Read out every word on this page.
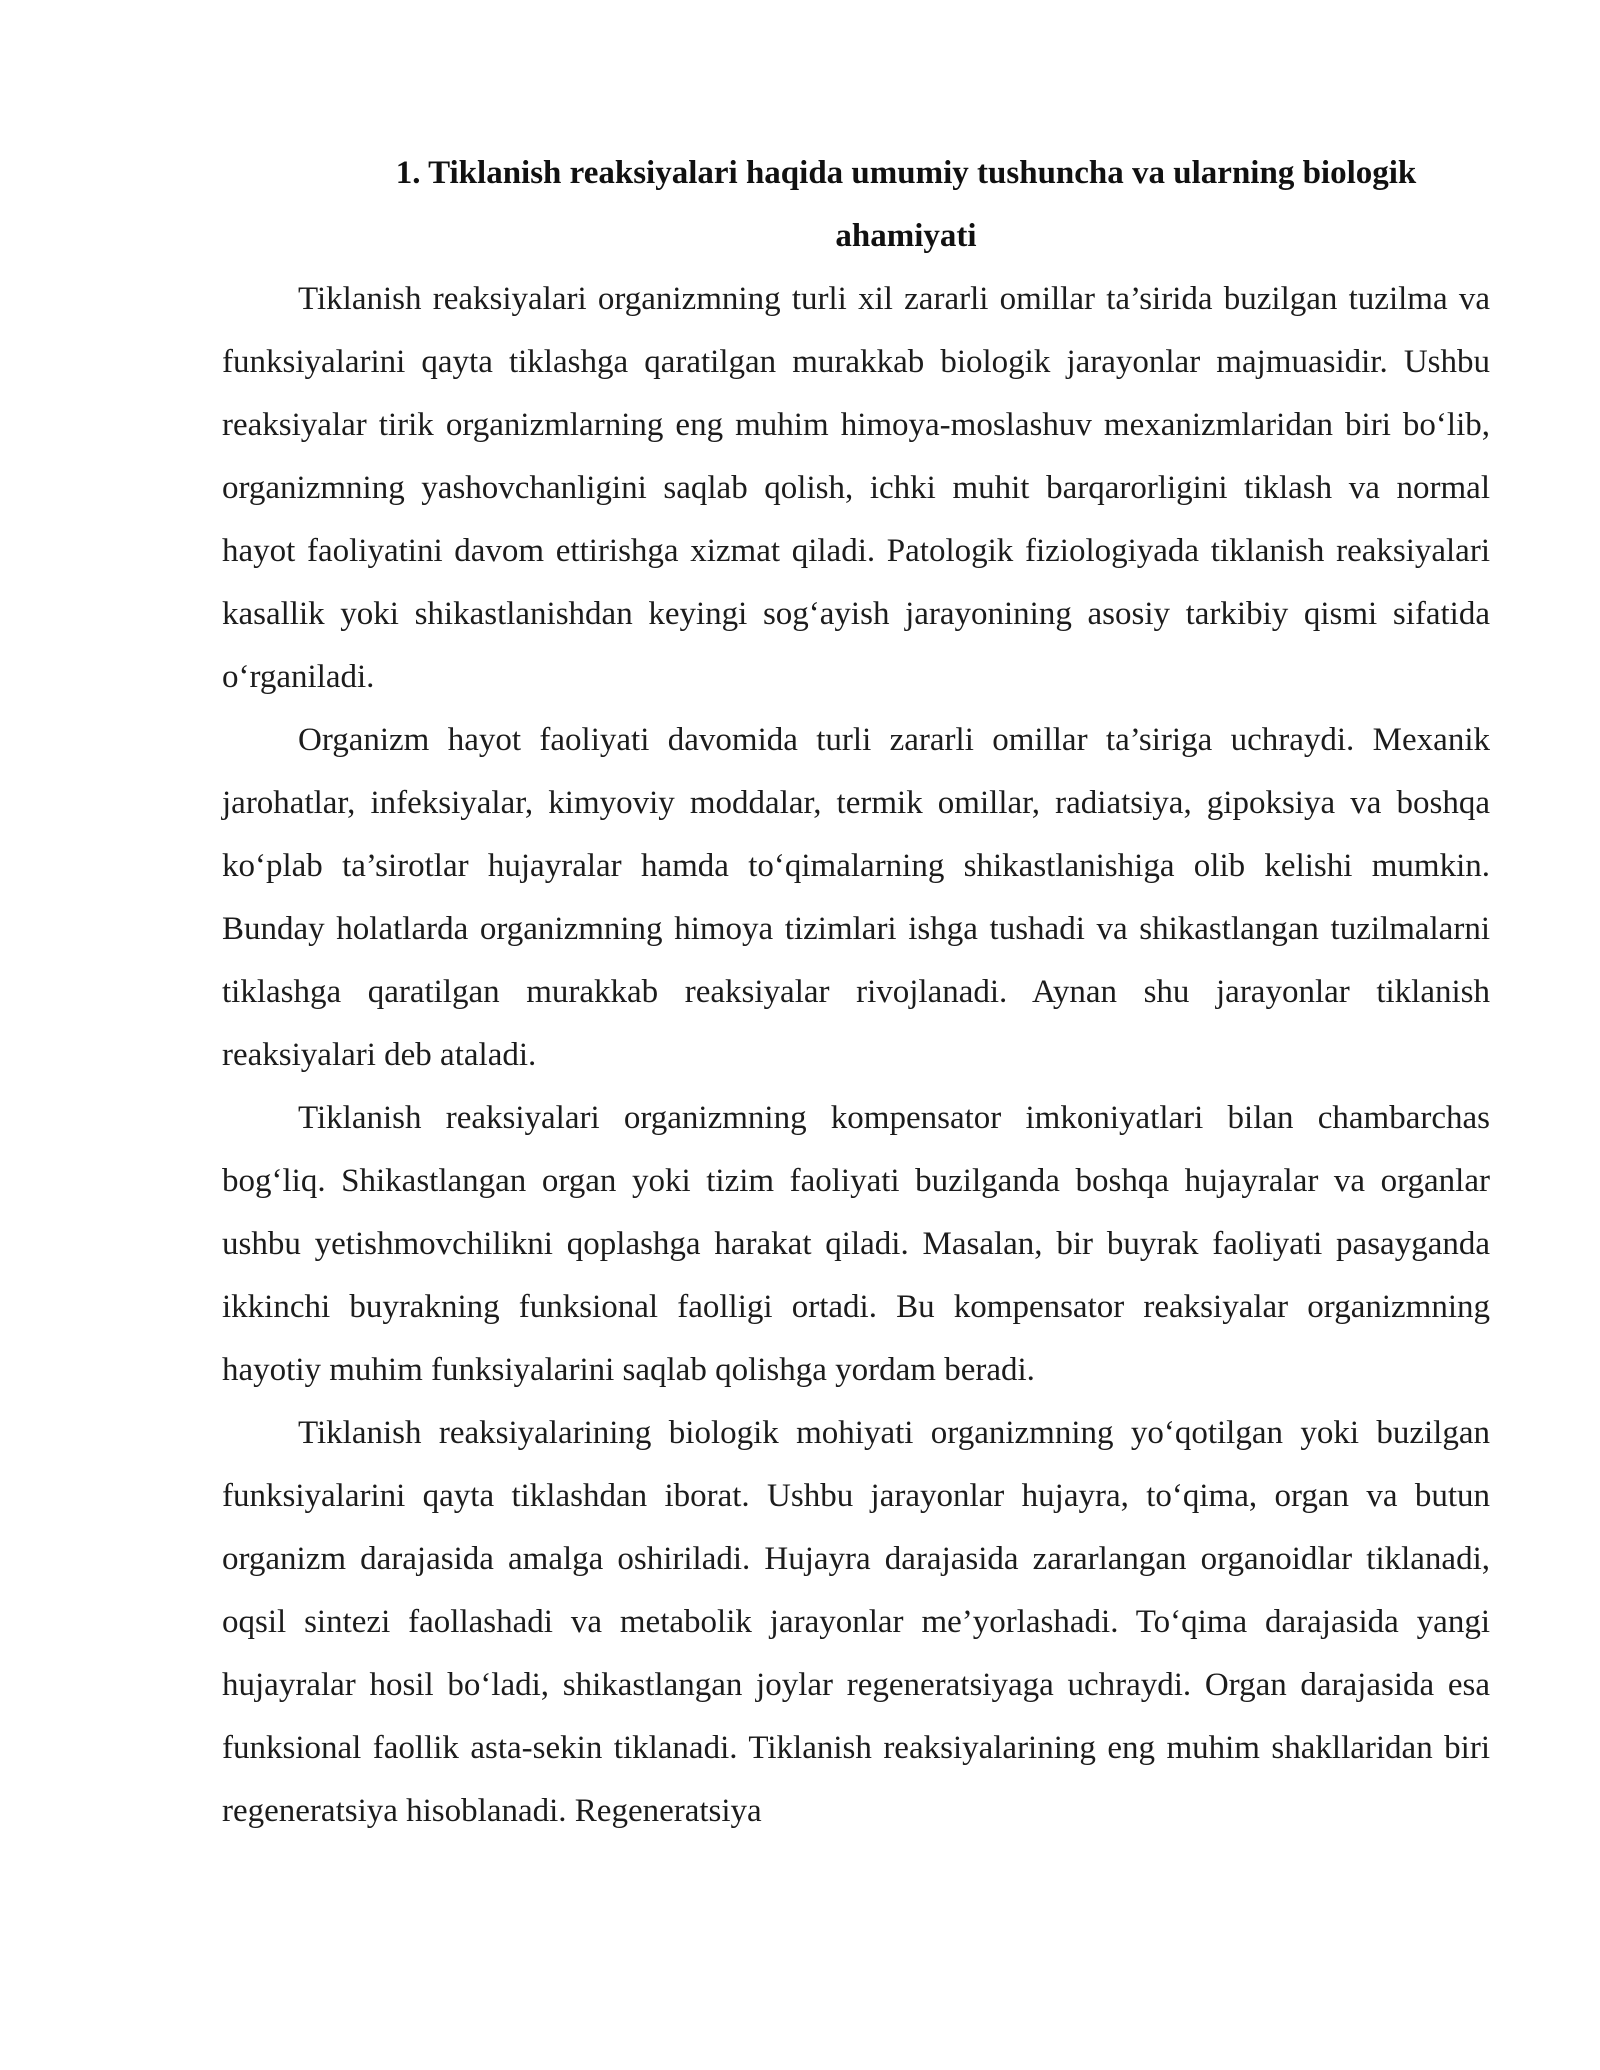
1. Tiklanish reaksiyalari haqida umumiy tushuncha va ularning biologik ahamiyati

Tiklanish reaksiyalari organizmning turli xil zararli omillar ta’sirida buzilgan tuzilma va funksiyalarini qayta tiklashga qaratilgan murakkab biologik jarayonlar majmuasidir. Ushbu reaksiyalar tirik organizmlarning eng muhim himoya-moslashuv mexanizmlaridan biri bo‘lib, organizmning yashovchanligini saqlab qolish, ichki muhit barqarorligini tiklash va normal hayot faoliyatini davom ettirishga xizmat qiladi. Patologik fiziologiyada tiklanish reaksiyalari kasallik yoki shikastlanishdan keyingi sog‘ayish jarayonining asosiy tarkibiy qismi sifatida o‘rganiladi.

Organizm hayot faoliyati davomida turli zararli omillar ta’siriga uchraydi. Mexanik jarohatlar, infeksiyalar, kimyoviy moddalar, termik omillar, radiatsiya, gipoksiya va boshqa ko‘plab ta’sirotlar hujayralar hamda to‘qimalarning shikastlanishiga olib kelishi mumkin. Bunday holatlarda organizmning himoya tizimlari ishga tushadi va shikastlangan tuzilmalarni tiklashga qaratilgan murakkab reaksiyalar rivojlanadi. Aynan shu jarayonlar tiklanish reaksiyalari deb ataladi.

Tiklanish reaksiyalari organizmning kompensator imkoniyatlari bilan chambarchas bog‘liq. Shikastlangan organ yoki tizim faoliyati buzilganda boshqa hujayralar va organlar ushbu yetishmovchilikni qoplashga harakat qiladi. Masalan, bir buyrak faoliyati pasayganda ikkinchi buyrakning funksional faolligi ortadi. Bu kompensator reaksiyalar organizmning hayotiy muhim funksiyalarini saqlab qolishga yordam beradi.

Tiklanish reaksiyalarining biologik mohiyati organizmning yo‘qotilgan yoki buzilgan funksiyalarini qayta tiklashdan iborat. Ushbu jarayonlar hujayra, to‘qima, organ va butun organizm darajasida amalga oshiriladi. Hujayra darajasida zararlangan organoidlar tiklanadi, oqsil sintezi faollashadi va metabolik jarayonlar me’yorlashadi. To‘qima darajasida yangi hujayralar hosil bo‘ladi, shikastlangan joylar regeneratsiyaga uchraydi. Organ darajasida esa funksional faollik asta-sekin tiklanadi. Tiklanish reaksiyalarining eng muhim shakllaridan biri regeneratsiya hisoblanadi. Regeneratsiya
